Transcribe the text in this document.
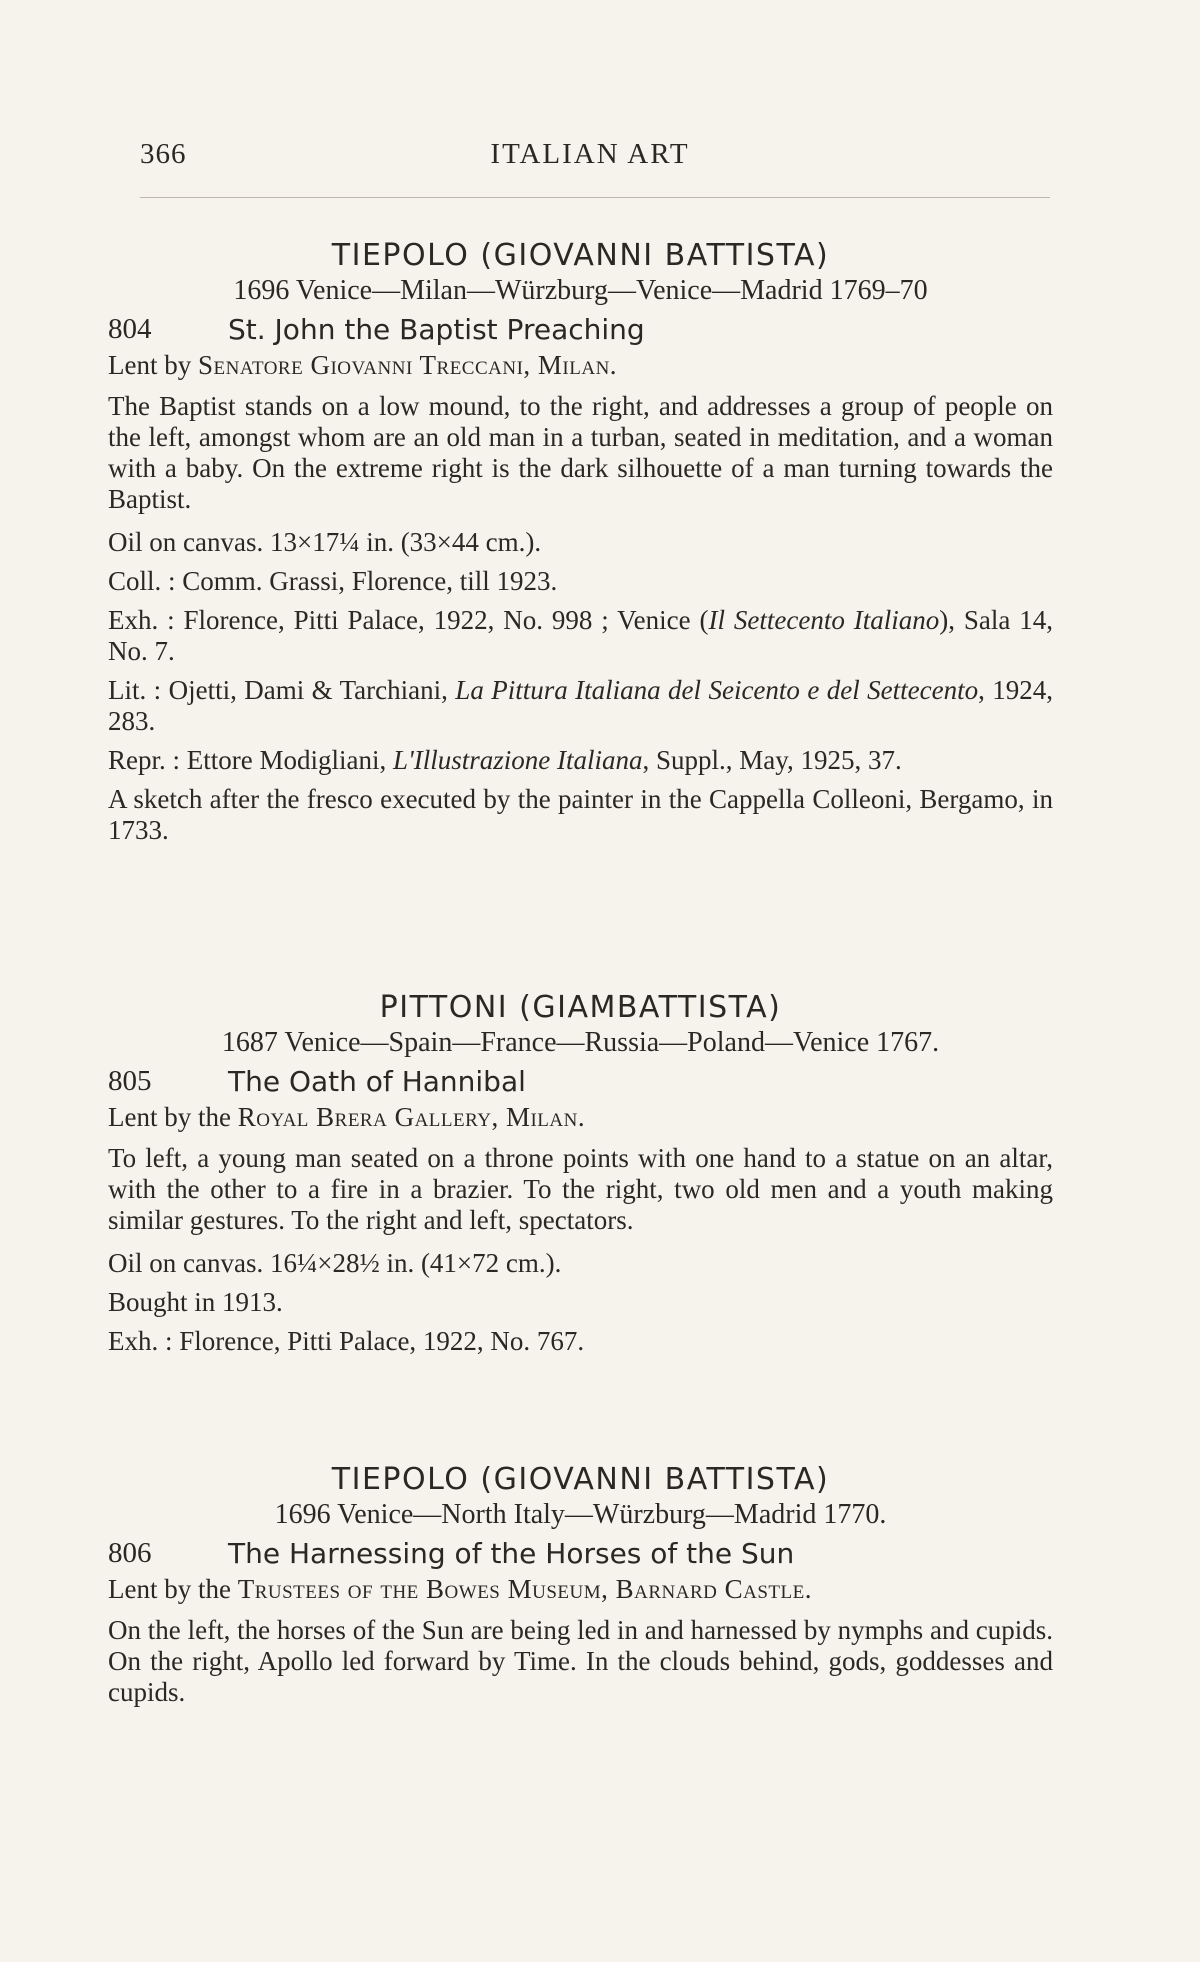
366	ITALIAN ART
TIEPOLO (GIOVANNI BATTISTA)
1696 Venice—Milan—Würzburg—Venice—Madrid 1769–70
804	St. John the Baptist Preaching
Lent by Senatore Giovanni Treccani, Milan.

The Baptist stands on a low mound, to the right, and addresses a group of people on the left, amongst whom are an old man in a turban, seated in meditation, and a woman with a baby. On the extreme right is the dark silhouette of a man turning towards the Baptist.

Oil on canvas. 13×17¼ in. (33×44 cm.).

Coll. : Comm. Grassi, Florence, till 1923.

Exh. : Florence, Pitti Palace, 1922, No. 998 ; Venice (Il Settecento Italiano), Sala 14, No. 7.

Lit. : Ojetti, Dami & Tarchiani, La Pittura Italiana del Seicento e del Settecento, 1924, 283.

Repr. : Ettore Modigliani, L'Illustrazione Italiana, Suppl., May, 1925, 37.

A sketch after the fresco executed by the painter in the Cappella Colleoni, Bergamo, in 1733.

PITTONI (GIAMBATTISTA)
1687 Venice—Spain—France—Russia—Poland—Venice 1767.
805	The Oath of Hannibal
Lent by the Royal Brera Gallery, Milan.

To left, a young man seated on a throne points with one hand to a statue on an altar, with the other to a fire in a brazier. To the right, two old men and a youth making similar gestures. To the right and left, spectators.

Oil on canvas. 16¼×28½ in. (41×72 cm.).

Bought in 1913.

Exh. : Florence, Pitti Palace, 1922, No. 767.

TIEPOLO (GIOVANNI BATTISTA)
1696 Venice—North Italy—Würzburg—Madrid 1770.
806	The Harnessing of the Horses of the Sun
Lent by the Trustees of the Bowes Museum, Barnard Castle.

On the left, the horses of the Sun are being led in and harnessed by nymphs and cupids. On the right, Apollo led forward by Time. In the clouds behind, gods, goddesses and cupids.
